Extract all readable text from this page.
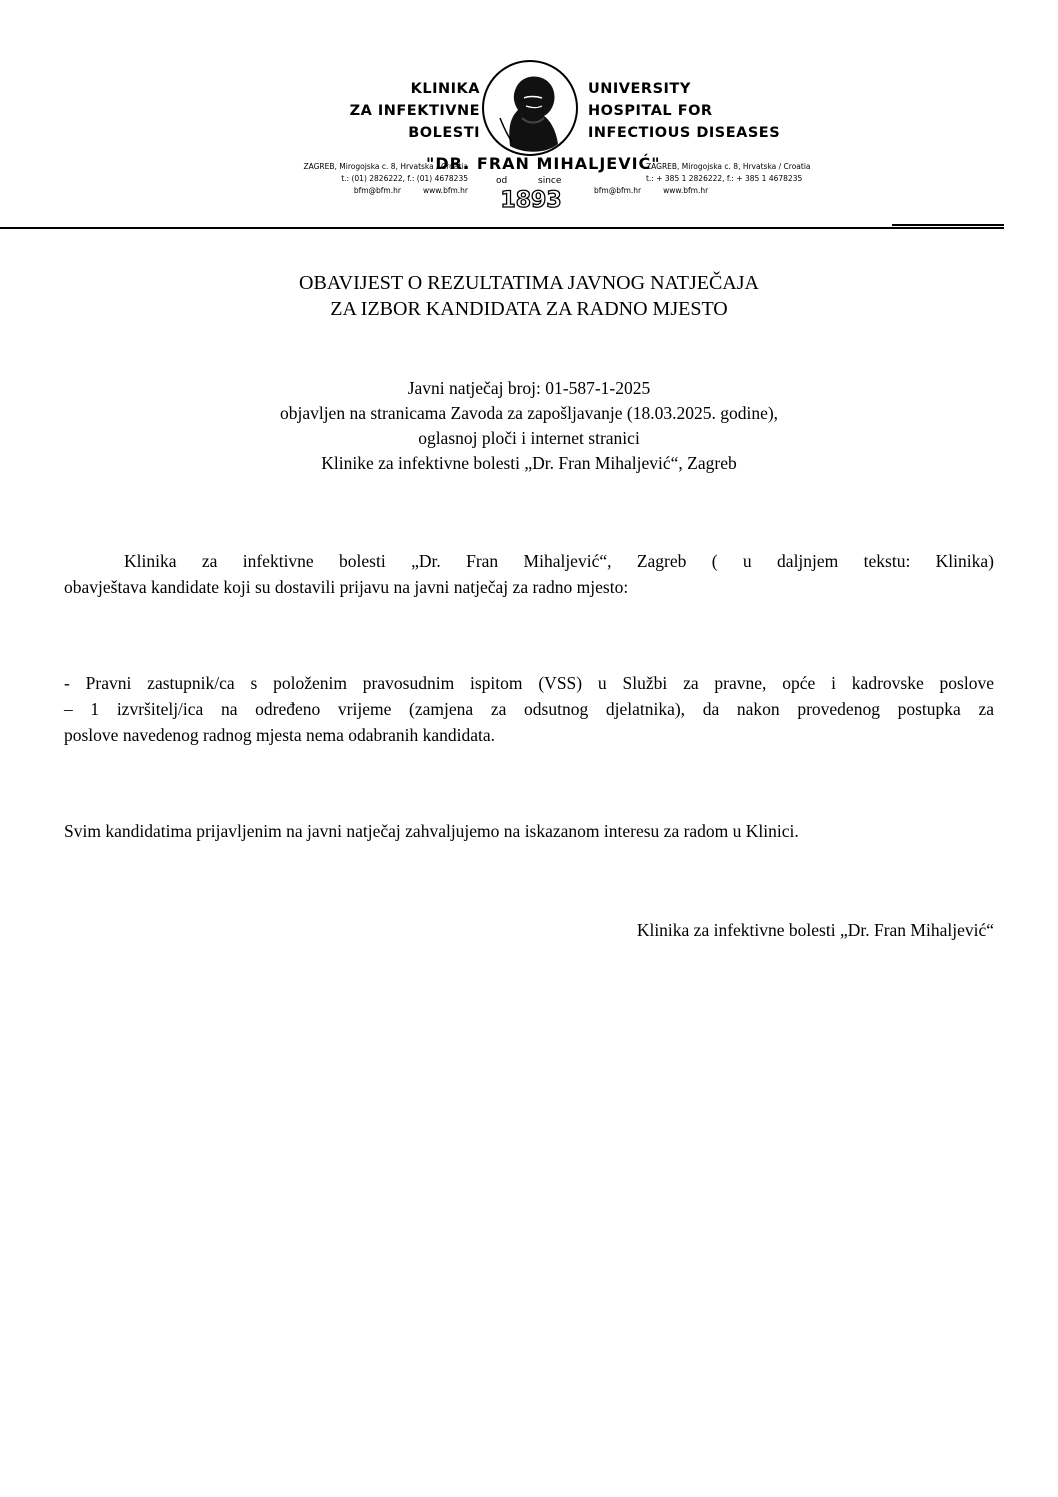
KLINIKA
ZA INFEKTIVNE
BOLESTI
UNIVERSITY
HOSPITAL FOR
INFECTIOUS DISEASES
ZAGREB, Mirogojska c. 8, Hrvatska / Croatia
t.: (01) 2826222, f.: (01) 4678235
bfm@bfm.hr	www.bfm.hr
"DR. FRAN MIHALJEVIĆ"
od	since
1893
ZAGREB, Mirogojska c. 8, Hrvatska / Croatia
t.: + 385 1 2826222, f.: + 385 1 4678235
bfm@bfm.hr	www.bfm.hr
OBAVIJEST O REZULTATIMA JAVNOG NATJEČAJA
ZA IZBOR KANDIDATA ZA RADNO MJESTO
Javni natječaj broj: 01-587-1-2025
objavljen na stranicama Zavoda za zapošljavanje (18.03.2025. godine),
oglasnoj ploči i internet stranici
Klinike za infektivne bolesti „Dr. Fran Mihaljević“, Zagreb
Klinika za infektivne bolesti „Dr. Fran Mihaljević“, Zagreb ( u daljnjem tekstu: Klinika)
obavještava kandidate koji su dostavili prijavu na javni natječaj za radno mjesto:
- Pravni zastupnik/ca s položenim pravosudnim ispitom (VSS) u Službi za pravne, opće i kadrovske poslove
– 1 izvršitelj/ica na određeno vrijeme (zamjena za odsutnog djelatnika), da nakon provedenog postupka za
poslove navedenog radnog mjesta nema odabranih kandidata.
Svim kandidatima prijavljenim na javni natječaj zahvaljujemo na iskazanom interesu za radom u Klinici.
Klinika za infektivne bolesti „Dr. Fran Mihaljević“
